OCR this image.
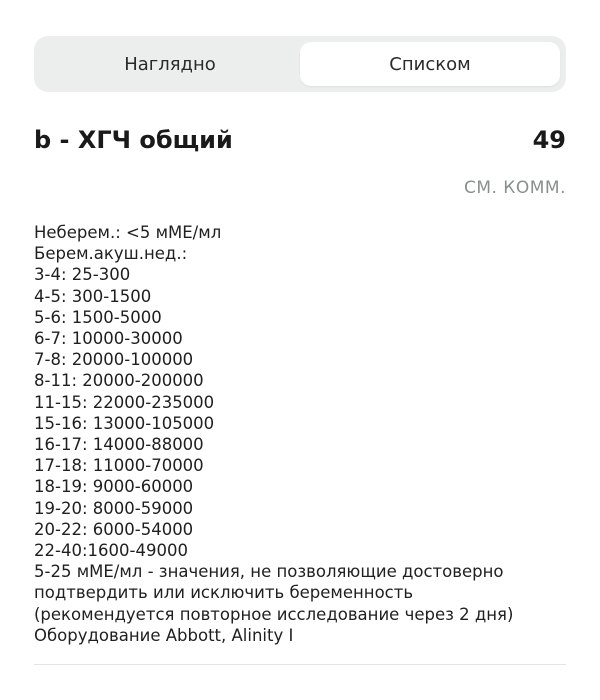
Наглядно	Списком
b - ХГЧ общий	49
СМ. КОММ.
Неберем.: <5 мМЕ/мл
Берем.акуш.нед.:
3-4: 25-300
4-5: 300-1500
5-6: 1500-5000
6-7: 10000-30000
7-8: 20000-100000
8-11: 20000-200000
11-15: 22000-235000
15-16: 13000-105000
16-17: 14000-88000
17-18: 11000-70000
18-19: 9000-60000
19-20: 8000-59000
20-22: 6000-54000
22-40:1600-49000
5-25 мМЕ/мл - значения, не позволяющие достоверно
подтвердить или исключить беременность
(рекомендуется повторное исследование через 2 дня)
Оборудование Abbott, Alinity I
